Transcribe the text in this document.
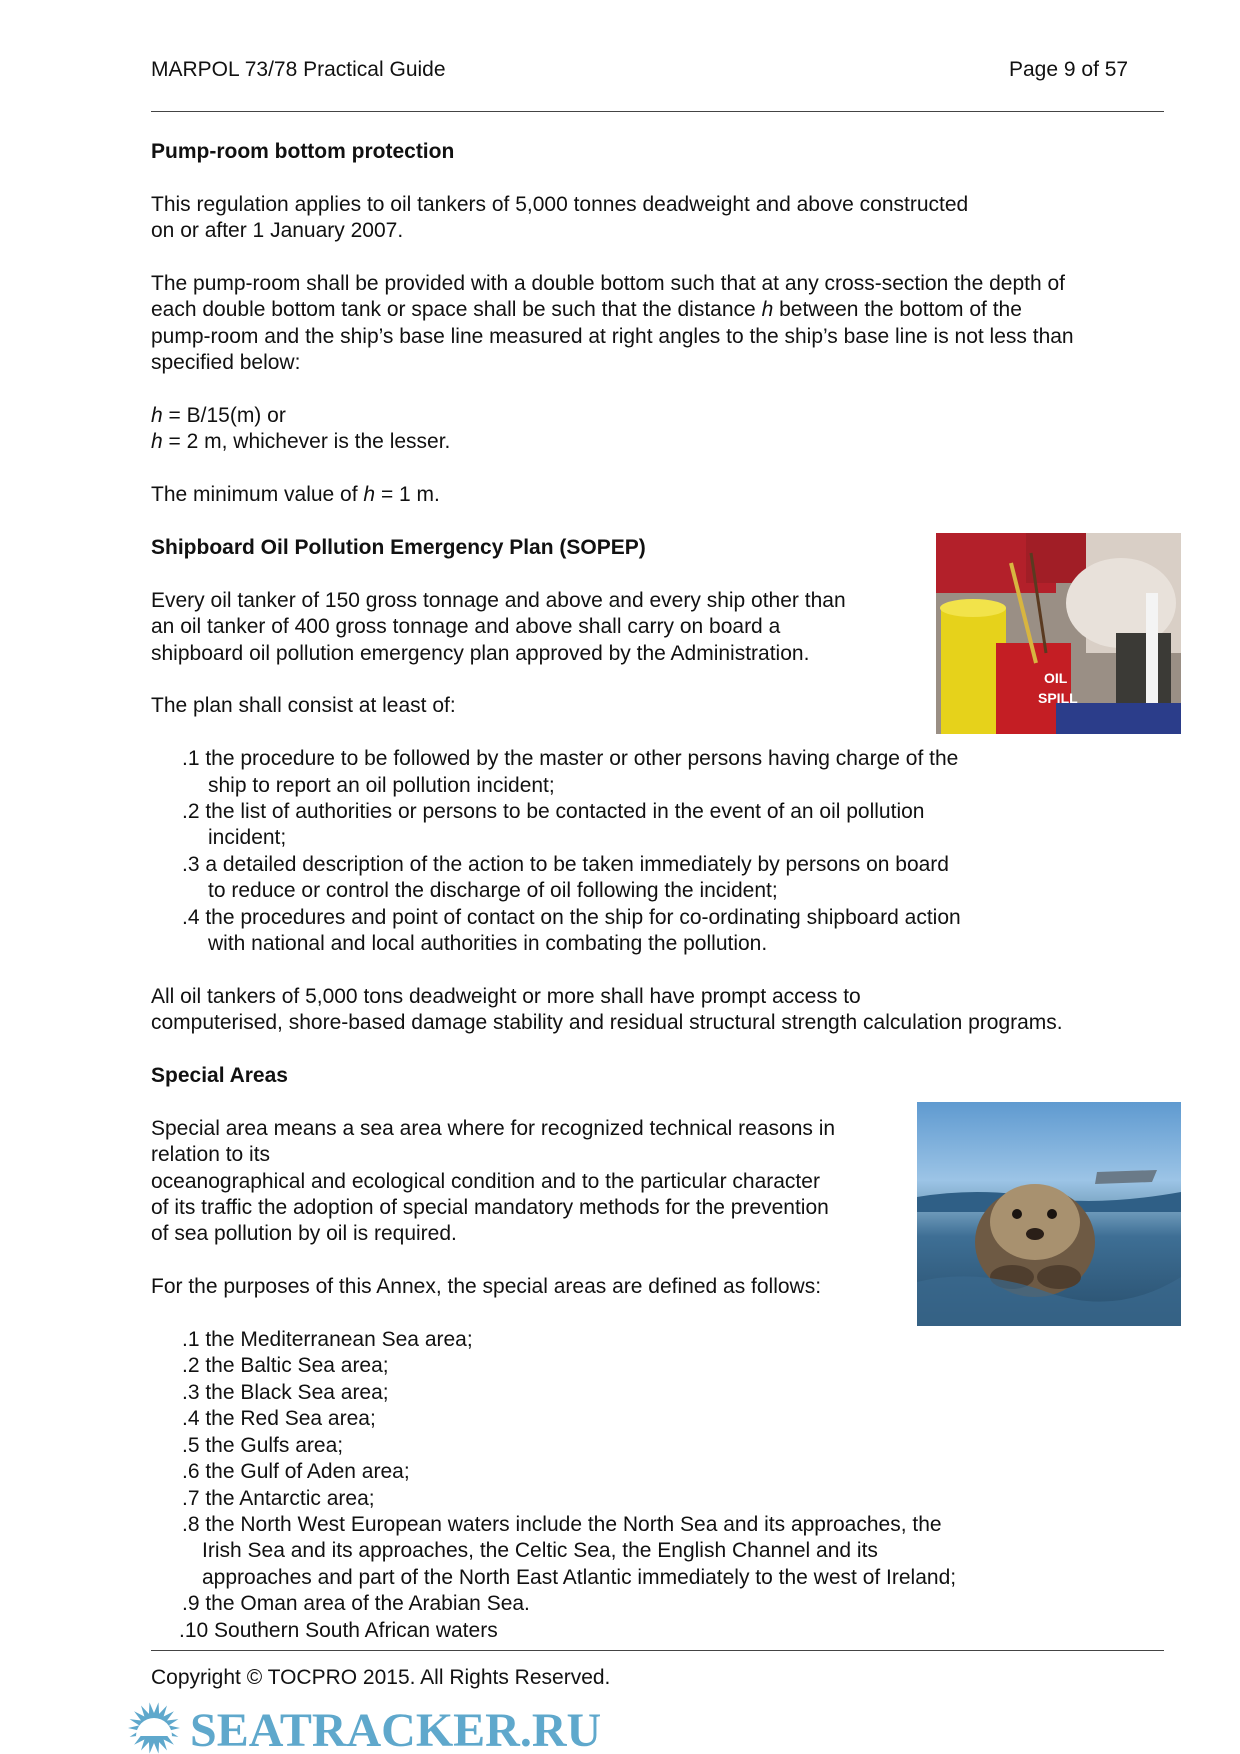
MARPOL 73/78 Practical Guide	Page 9 of 57
Pump-room bottom protection

This regulation applies to oil tankers of 5,000 tonnes deadweight and above constructed
on or after 1 January 2007.

The pump-room shall be provided with a double bottom such that at any cross-section the depth of
each double bottom tank or space shall be such that the distance h between the bottom of the
pump-room and the ship’s base line measured at right angles to the ship’s base line is not less than
specified below:

h = B/15(m) or
h = 2 m, whichever is the lesser.

The minimum value of h = 1 m.

Shipboard Oil Pollution Emergency Plan (SOPEP)

Every oil tanker of 150 gross tonnage and above and every ship other than
an oil tanker of 400 gross tonnage and above shall carry on board a
shipboard oil pollution emergency plan approved by the Administration.

The plan shall consist at least of:

.1 the procedure to be followed by the master or other persons having charge of the
ship to report an oil pollution incident;
.2 the list of authorities or persons to be contacted in the event of an oil pollution
incident;
.3 a detailed description of the action to be taken immediately by persons on board
to reduce or control the discharge of oil following the incident;
.4 the procedures and point of contact on the ship for co-ordinating shipboard action
with national and local authorities in combating the pollution.

All oil tankers of 5,000 tons deadweight or more shall have prompt access to
computerised, shore-based damage stability and residual structural strength calculation programs.

Special Areas

Special area means a sea area where for recognized technical reasons in
relation to its
oceanographical and ecological condition and to the particular character
of its traffic the adoption of special mandatory methods for the prevention
of sea pollution by oil is required.

For the purposes of this Annex, the special areas are defined as follows:

.1 the Mediterranean Sea area;
.2 the Baltic Sea area;
.3 the Black Sea area;
.4 the Red Sea area;
.5 the Gulfs area;
.6 the Gulf of Aden area;
.7 the Antarctic area;
.8 the North West European waters include the North Sea and its approaches, the
Irish Sea and its approaches, the Celtic Sea, the English Channel and its
approaches and part of the North East Atlantic immediately to the west of Ireland;
.9 the Oman area of the Arabian Sea.
.10 Southern South African waters
OIL
SPILL
Copyright © TOCPRO 2015. All Rights Reserved.
SEATRACKER.RU
